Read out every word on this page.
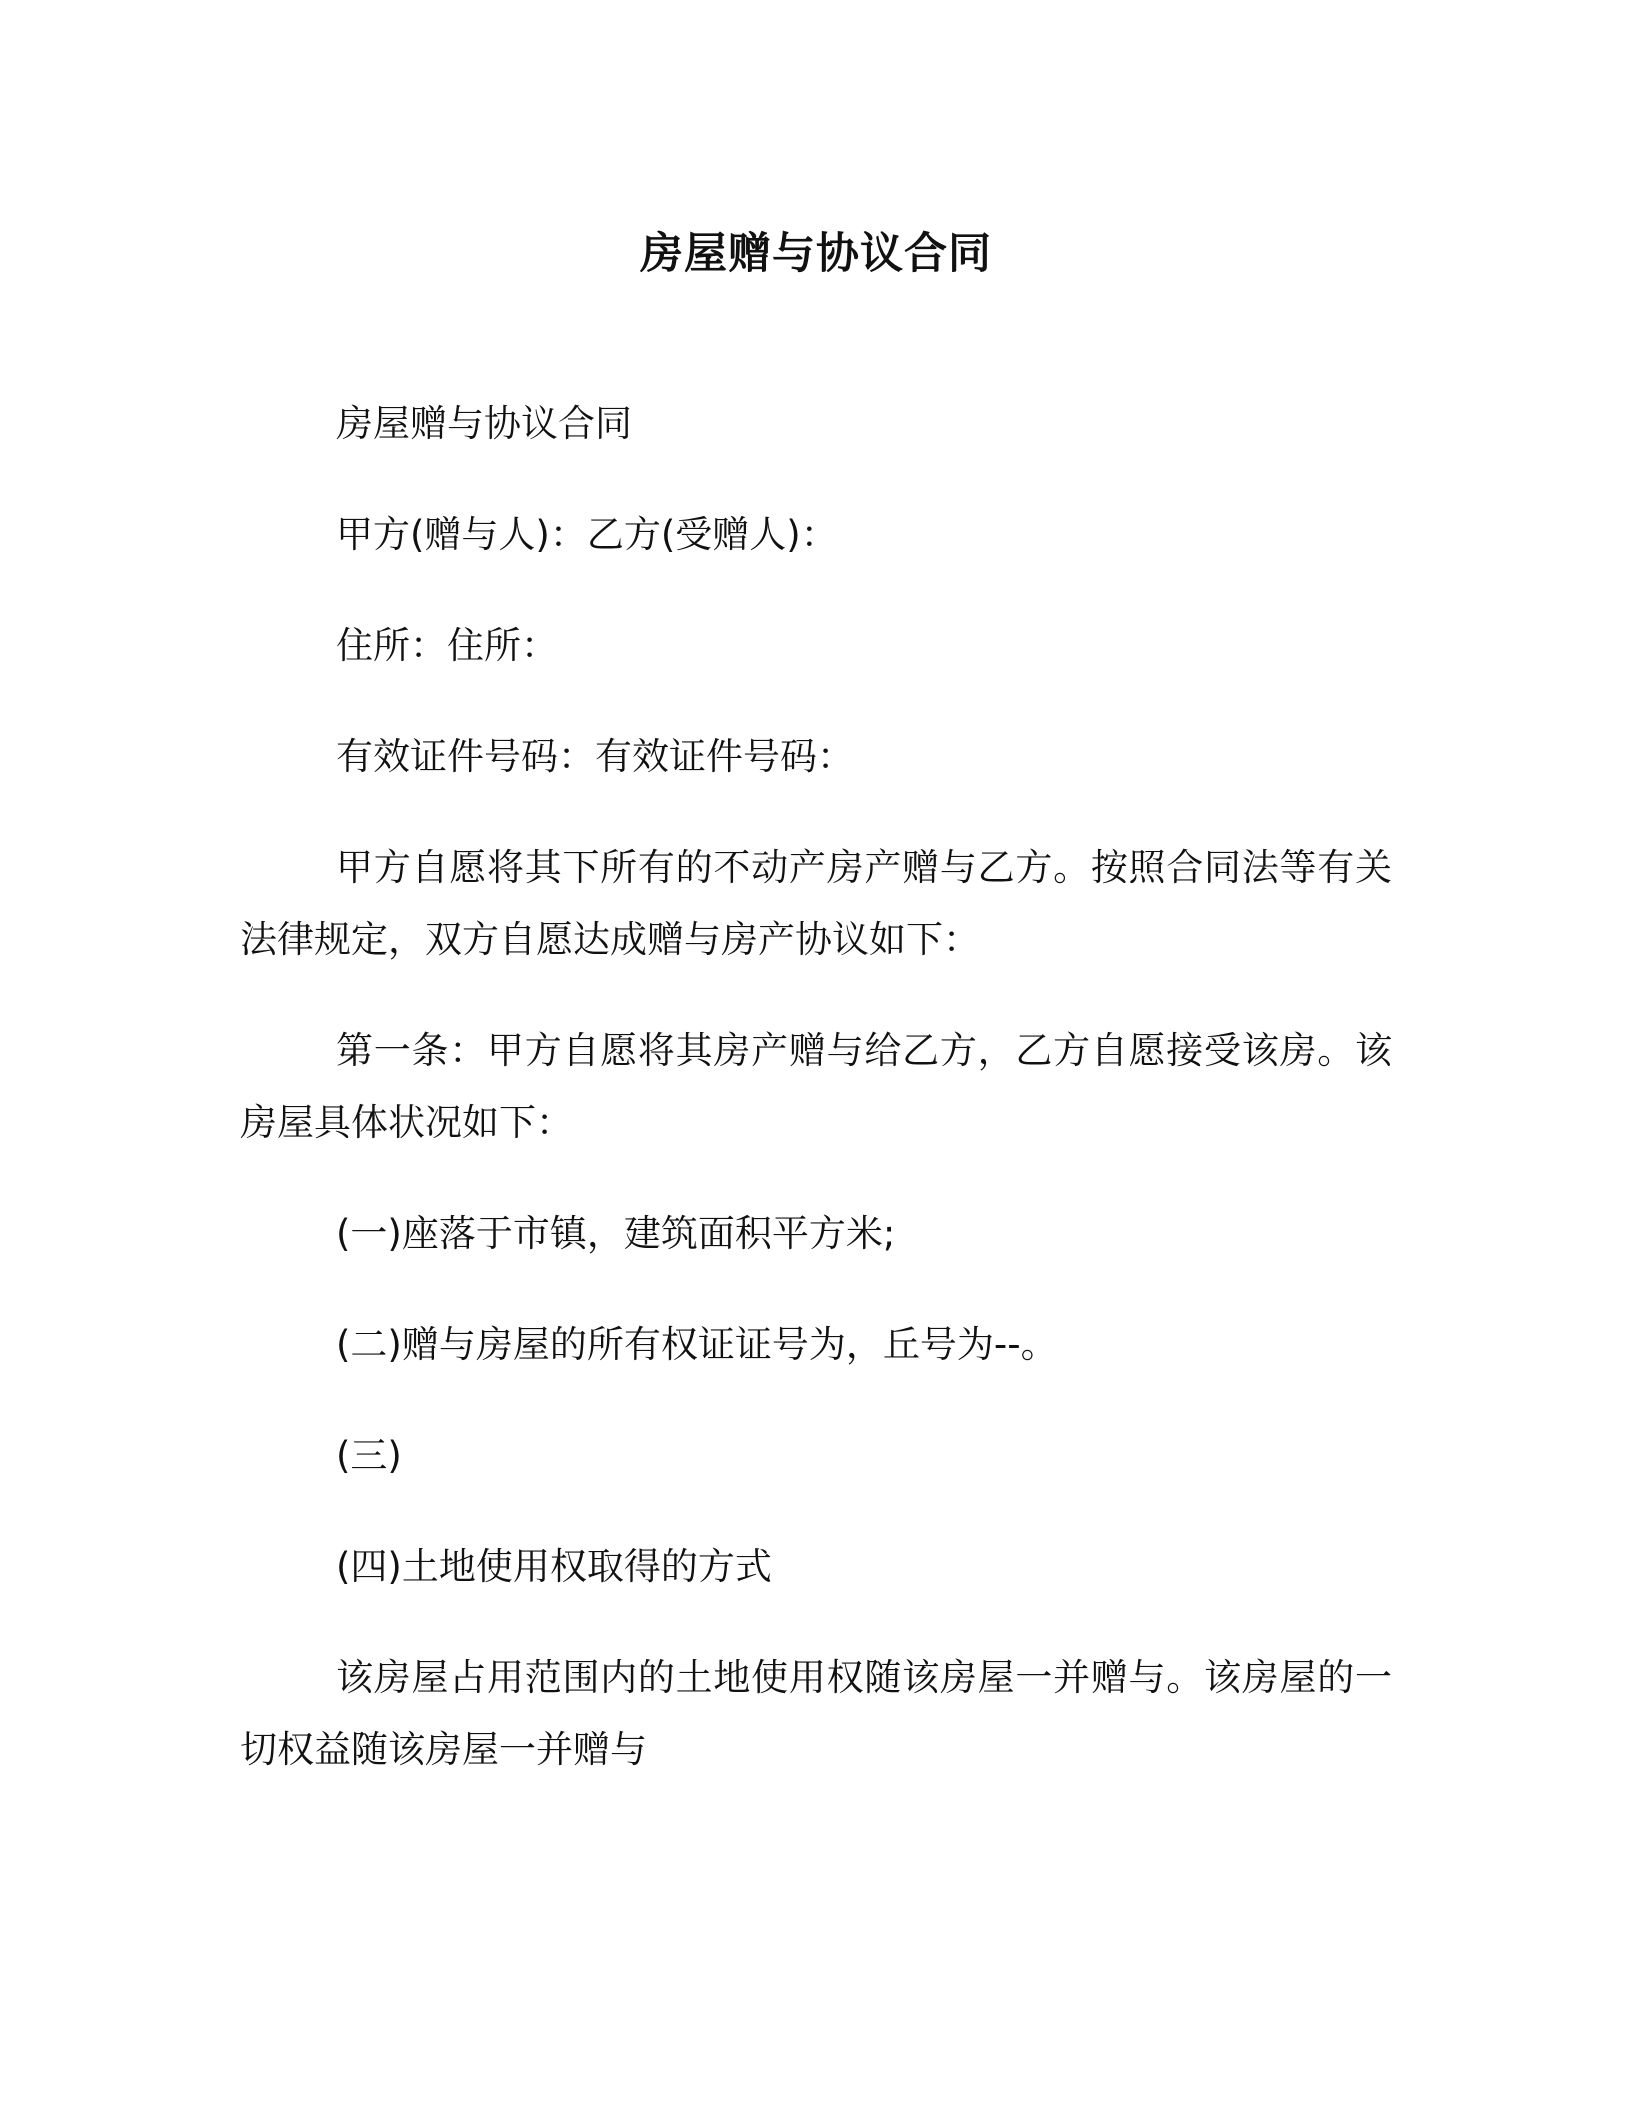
房屋赠与协议合同

房屋赠与协议合同

甲方(赠与人)：乙方(受赠人)：

住所：住所：

有效证件号码：有效证件号码：

甲方自愿将其下所有的不动产房产赠与乙方。按照合同法等有关法律规定，双方自愿达成赠与房产协议如下：

第一条：甲方自愿将其房产赠与给乙方，乙方自愿接受该房。该房屋具体状况如下：

(一)座落于市镇，建筑面积平方米;

(二)赠与房屋的所有权证证号为，丘号为--。

(三)

(四)土地使用权取得的方式

该房屋占用范围内的土地使用权随该房屋一并赠与。该房屋的一切权益随该房屋一并赠与
